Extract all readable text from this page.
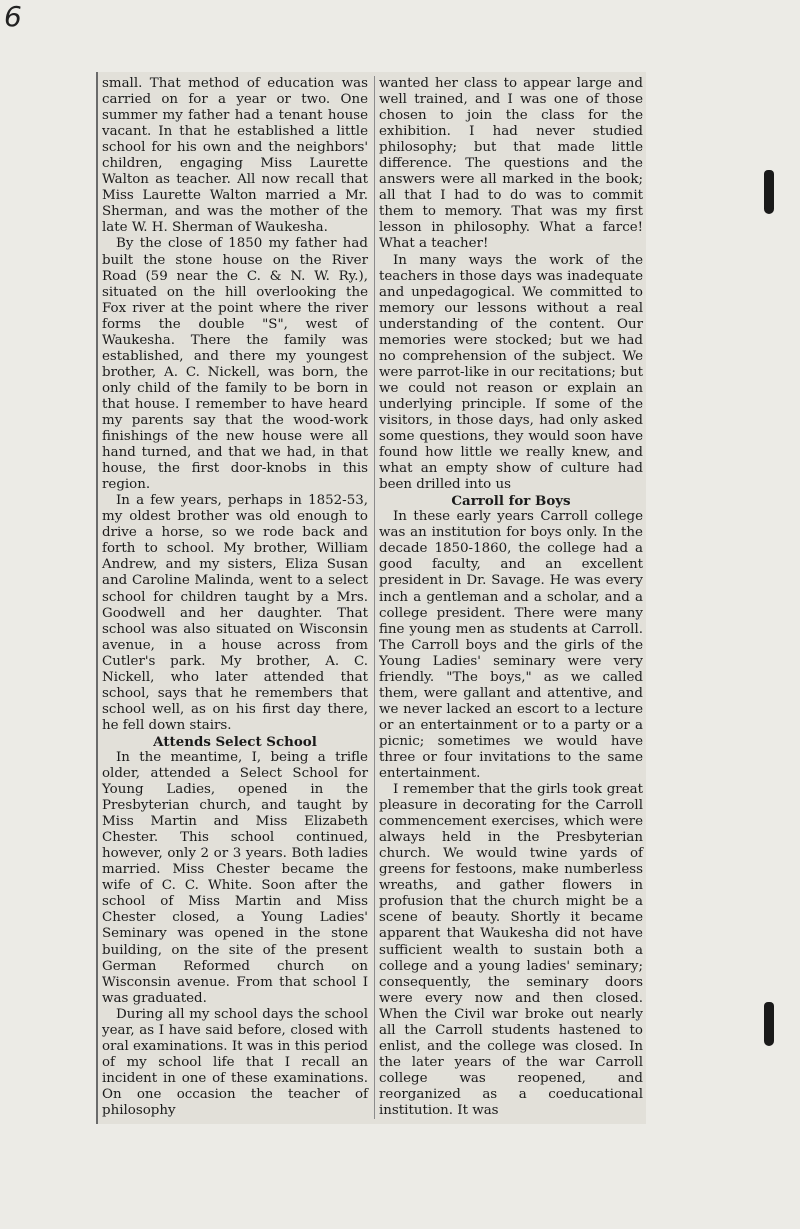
6

small. That method of education was carried on for a year or two. One summer my father had a tenant house vacant. In that he established a little school for his own and the neighbors' children, engaging Miss Laurette Walton as teacher. All now recall that Miss Laurette Walton married a Mr. Sherman, and was the mother of the late W. H. Sherman of Waukesha.

By the close of 1850 my father had built the stone house on the River Road (59 near the C. & N. W. Ry.), situated on the hill overlooking the Fox river at the point where the river forms the double "S", west of Waukesha. There the family was established, and there my youngest brother, A. C. Nickell, was born, the only child of the family to be born in that house. I remember to have heard my parents say that the wood-work finishings of the new house were all hand turned, and that we had, in that house, the first door-knobs in this region.

In a few years, perhaps in 1852-53, my oldest brother was old enough to drive a horse, so we rode back and forth to school. My brother, William Andrew, and my sisters, Eliza Susan and Caroline Malinda, went to a select school for children taught by a Mrs. Goodwell and her daughter. That school was also situated on Wisconsin avenue, in a house across from Cutler's park. My brother, A. C. Nickell, who later attended that school, says that he remembers that school well, as on his first day there, he fell down stairs.

Attends Select School

In the meantime, I, being a trifle older, attended a Select School for Young Ladies, opened in the Presbyterian church, and taught by Miss Martin and Miss Elizabeth Chester. This school continued, however, only 2 or 3 years. Both ladies married. Miss Chester became the wife of C. C. White. Soon after the school of Miss Martin and Miss Chester closed, a Young Ladies' Seminary was opened in the stone building, on the site of the present German Reformed church on Wisconsin avenue. From that school I was graduated.

During all my school days the school year, as I have said before, closed with oral examinations. It was in this period of my school life that I recall an incident in one of these examinations. On one occasion the teacher of philosophy

wanted her class to appear large and well trained, and I was one of those chosen to join the class for the exhibition. I had never studied philosophy; but that made little difference. The questions and the answers were all marked in the book; all that I had to do was to commit them to memory. That was my first lesson in philosophy. What a farce! What a teacher!

In many ways the work of the teachers in those days was inadequate and unpedagogical. We committed to memory our lessons without a real understanding of the content. Our memories were stocked; but we had no comprehension of the subject. We were parrot-like in our recitations; but we could not reason or explain an underlying principle. If some of the visitors, in those days, had only asked some questions, they would soon have found how little we really knew, and what an empty show of culture had been drilled into us

Carroll for Boys

In these early years Carroll college was an institution for boys only. In the decade 1850-1860, the college had a good faculty, and an excellent president in Dr. Savage. He was every inch a gentleman and a scholar, and a college president. There were many fine young men as students at Carroll. The Carroll boys and the girls of the Young Ladies' seminary were very friendly. "The boys," as we called them, were gallant and attentive, and we never lacked an escort to a lecture or an entertainment or to a party or a picnic; sometimes we would have three or four invitations to the same entertainment.

I remember that the girls took great pleasure in decorating for the Carroll commencement exercises, which were always held in the Presbyterian church. We would twine yards of greens for festoons, make numberless wreaths, and gather flowers in profusion that the church might be a scene of beauty. Shortly it became apparent that Waukesha did not have sufficient wealth to sustain both a college and a young ladies' seminary; consequently, the seminary doors were every now and then closed. When the Civil war broke out nearly all the Carroll students hastened to enlist, and the college was closed. In the later years of the war Carroll college was reopened, and reorganized as a coeducational institution. It was
